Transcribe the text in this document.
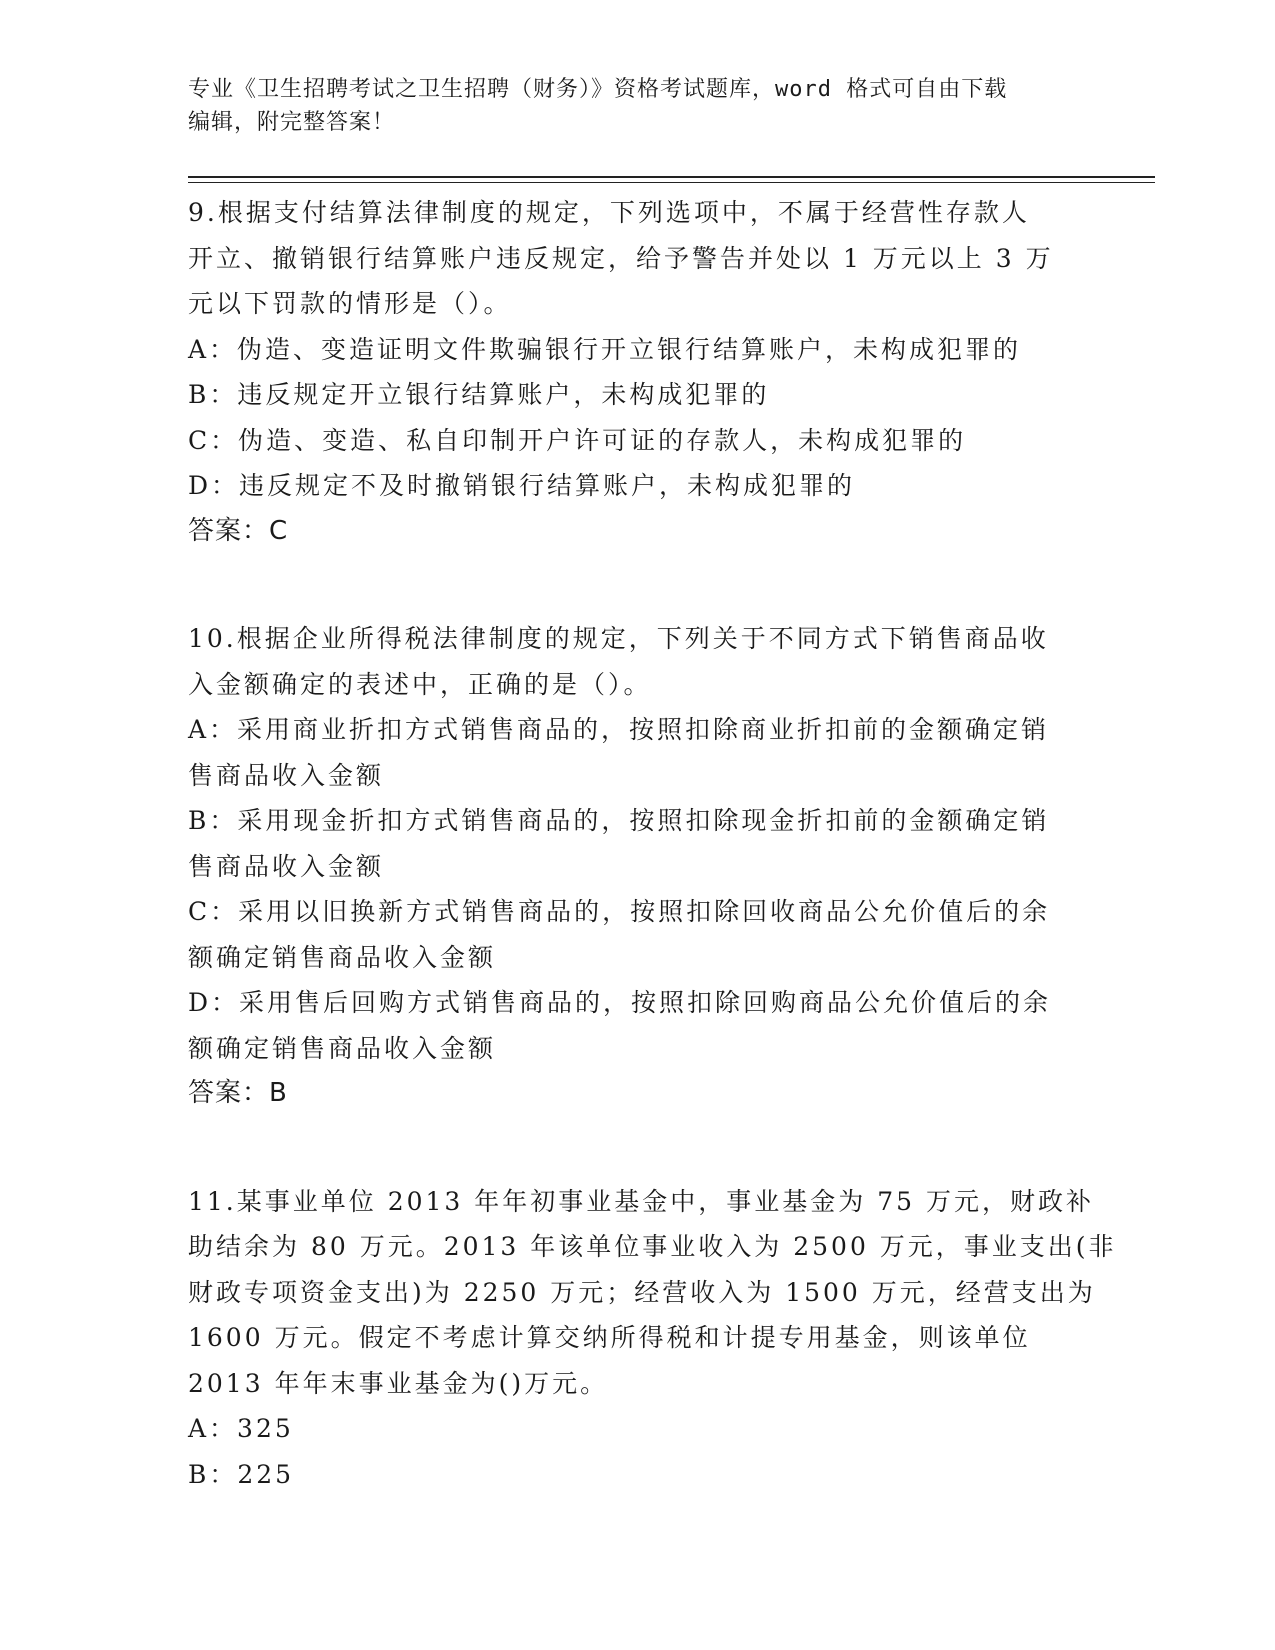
专业《卫生招聘考试之卫生招聘（财务）》资格考试题库，word 格式可自由下载
编辑，附完整答案！
9.根据支付结算法律制度的规定，下列选项中，不属于经营性存款人
开立、撤销银行结算账户违反规定，给予警告并处以 1 万元以上 3 万
元以下罚款的情形是（）。
A：伪造、变造证明文件欺骗银行开立银行结算账户，未构成犯罪的
B：违反规定开立银行结算账户，未构成犯罪的
C：伪造、变造、私自印制开户许可证的存款人，未构成犯罪的
D：违反规定不及时撤销银行结算账户，未构成犯罪的
答案：C
10.根据企业所得税法律制度的规定，下列关于不同方式下销售商品收
入金额确定的表述中，正确的是（）。
A：采用商业折扣方式销售商品的，按照扣除商业折扣前的金额确定销
售商品收入金额
B：采用现金折扣方式销售商品的，按照扣除现金折扣前的金额确定销
售商品收入金额
C：采用以旧换新方式销售商品的，按照扣除回收商品公允价值后的余
额确定销售商品收入金额
D：采用售后回购方式销售商品的，按照扣除回购商品公允价值后的余
额确定销售商品收入金额
答案：B
11.某事业单位 2013 年年初事业基金中，事业基金为 75 万元，财政补
助结余为 80 万元。2013 年该单位事业收入为 2500 万元，事业支出(非
财政专项资金支出)为 2250 万元；经营收入为 1500 万元，经营支出为
1600 万元。假定不考虑计算交纳所得税和计提专用基金，则该单位
2013 年年末事业基金为()万元。
A：325
B：225
